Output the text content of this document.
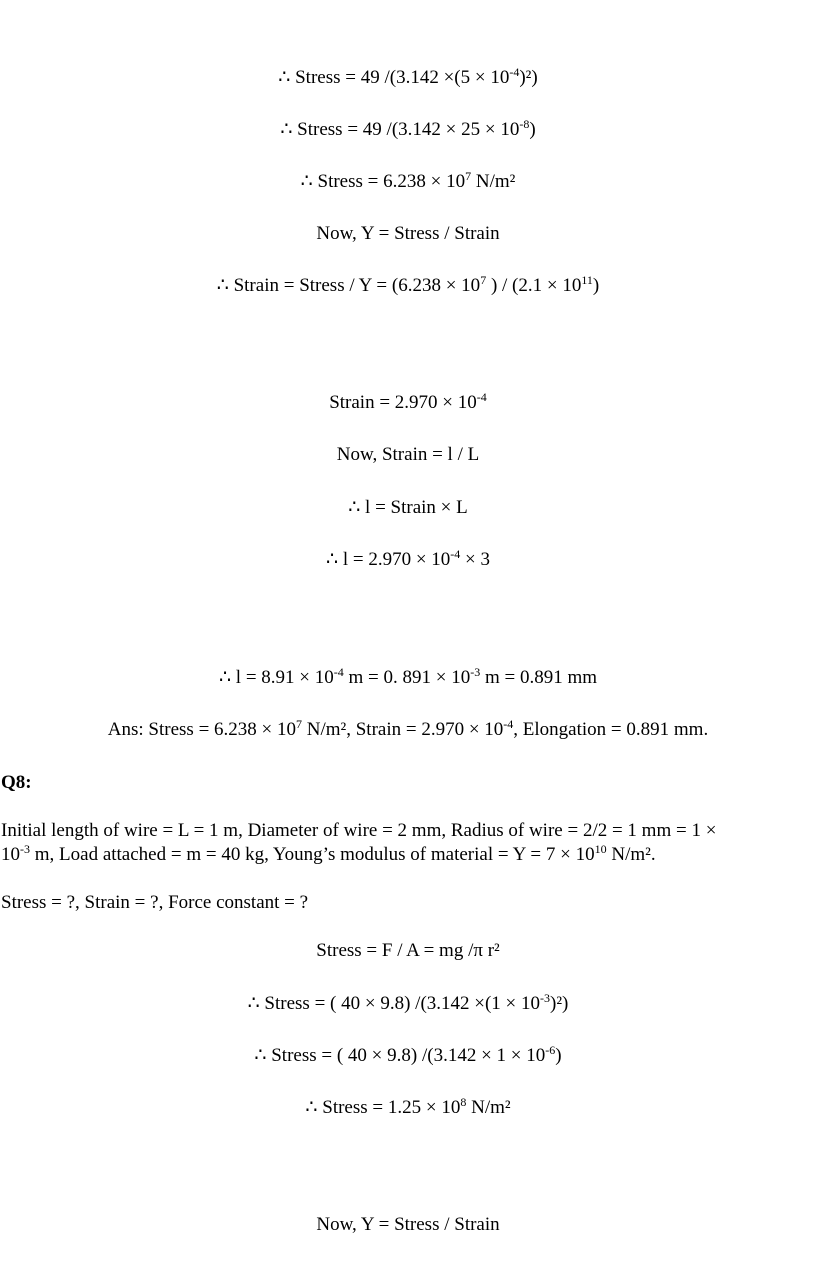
∴ Stress = 49 $/(3.142 \times(5 \times 10^{-4})^2)$
∴ Stress = 49 $/(3.142 \times 25 \times 10^{-8})$
∴ Stress = $6.238 \times 10^7$ N/m²
Now, Y = Stress / Strain
∴ Strain = Stress / $Y = (6.238 \times 10^7$ ) / $(2.1 \times 10^{11})$
Strain = $2.970 \times 10^{-4}$
Now, Strain = l / L
∴ l = Strain × L
∴ $l = 2.970 \times 10^{-4} \times 3$
∴ $l = 8.91 \times 10^{-4}$ m = 0. $891 \times 10^{-3}$ m = 0.891 mm
Ans: Stress = $6.238 \times 10^7$ N/m², Strain = $2.970 \times 10^{-4}$, Elongation = 0.891 mm.
Q8:
Initial length of wire = L = 1 m, Diameter of wire = 2 mm, Radius of wire = 2/2 = 1 mm = 1 ×
$10^{-3}$ m, Load attached = m = 40 kg, Young’s modulus of material = $Y = 7 \times 10^{10}$ N/m².
Stress = ?, Strain = ?, Force constant = ?
Stress = F / A = mg /π r²
∴ Stress = ( 40 × 9.8) $/(3.142 \times(1 \times 10^{-3})^2)$
∴ Stress = ( 40 × 9.8) $/(3.142 \times 1 \times 10^{-6})$
∴ Stress = $1.25 \times 10^8$ N/m²
Now, Y = Stress / Strain
